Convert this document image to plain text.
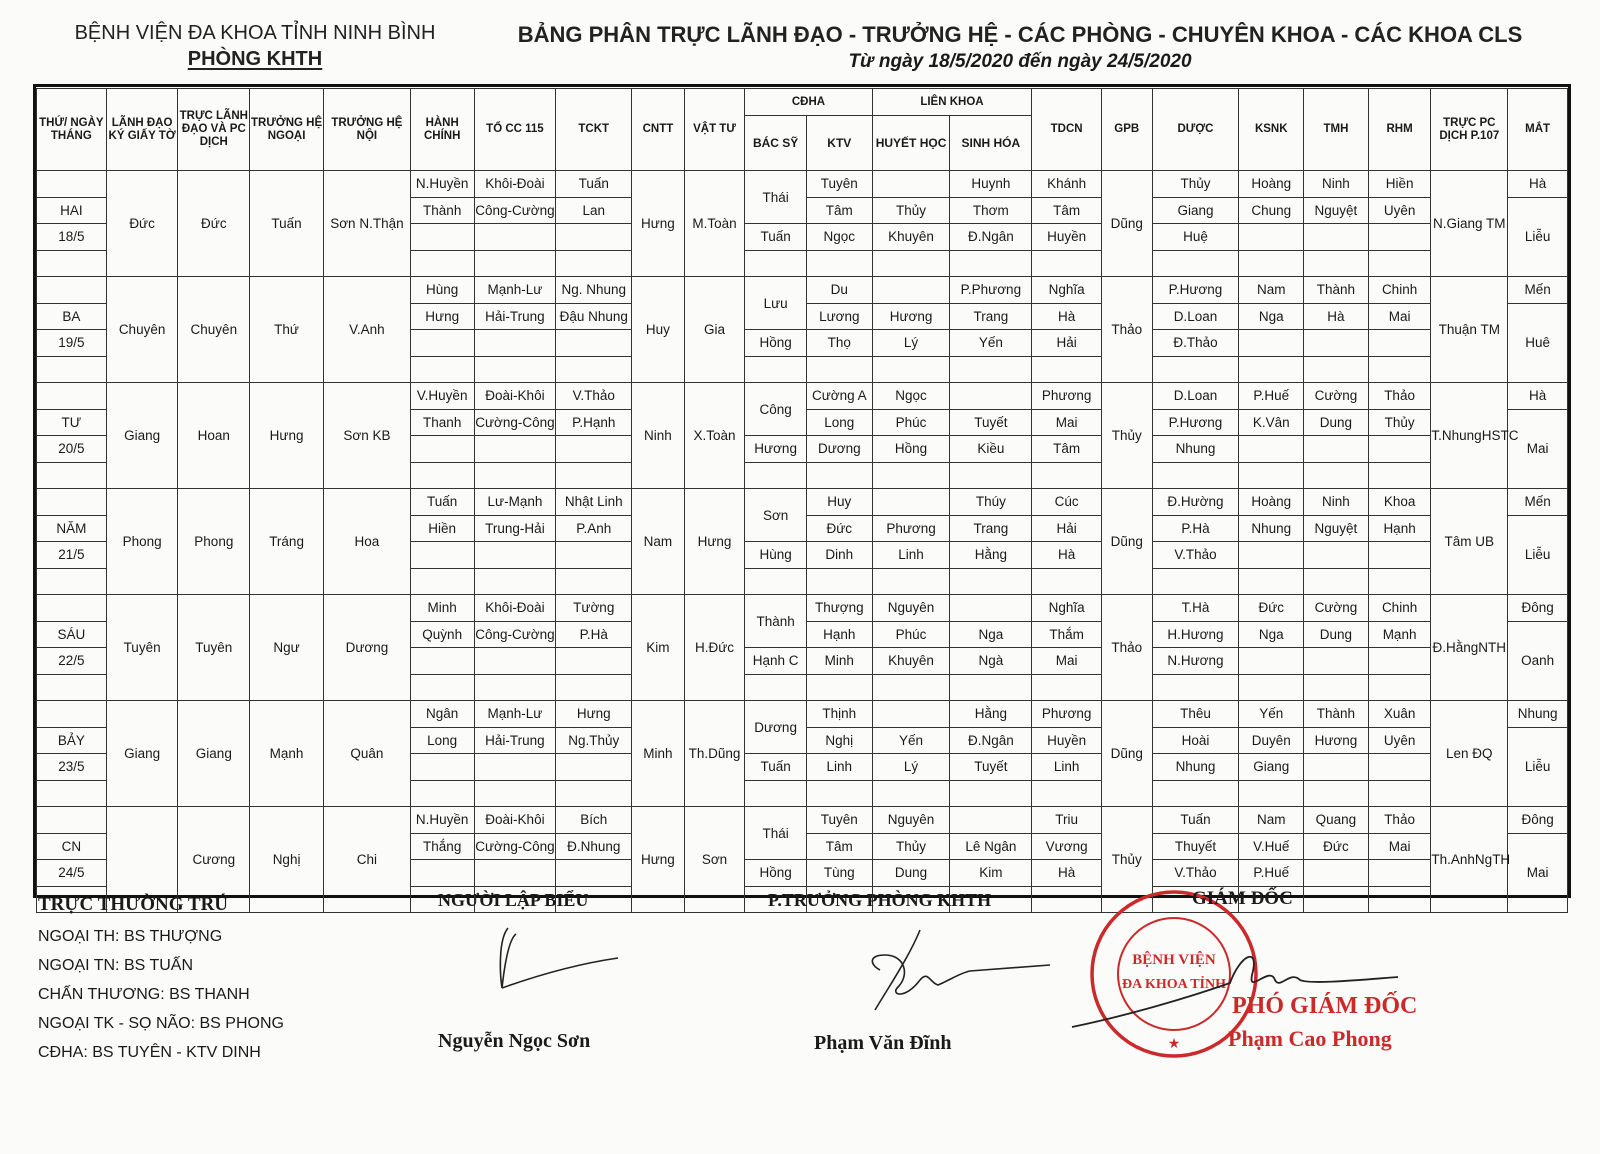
BỆNH VIỆN ĐA KHOA TỈNH NINH BÌNH
PHÒNG KHTH
BẢNG PHÂN TRỰC LÃNH ĐẠO - TRƯỞNG HỆ - CÁC PHÒNG - CHUYÊN KHOA - CÁC KHOA CLS
Từ ngày 18/5/2020 đến ngày 24/5/2020
THỨ/ NGÀY THÁNG	LÃNH ĐẠO KÝ GIẤY TỜ	TRỰC LÃNH ĐẠO VÀ PC DỊCH	TRƯỞNG HỆ NGOẠI	TRƯỞNG HỆ NỘI	HÀNH CHÍNH	TỔ CC 115	TCKT	CNTT	VẬT TƯ	CĐHA		LIÊN KHOA		TDCN	GPB	DƯỢC	KSNK	TMH	RHM	TRỰC PC DỊCH P.107	MẮT
										BÁC SỸ	KTV	HUYẾT HỌC	SINH HÓA								
	Đức	Đức	Tuấn	Sơn N.Thận	N.Huyền	Khôi-Đoài	Tuấn	Hưng	M.Toàn	Thái	Tuyên		Huynh	Khánh	Dũng	Thủy	Hoàng	Ninh	Hiền	N.Giang TM	Hà
HAI					Thành	Công-Cường	Lan				Tâm	Thủy	Thơm	Tâm		Giang	Chung	Nguyệt	Uyên		Liễu
18/5										Tuấn	Ngọc	Khuyên	Đ.Ngân	Huyền		Huệ					

	Chuyên	Chuyên	Thứ	V.Anh	Hùng	Mạnh-Lư	Ng. Nhung	Huy	Gia	Lưu	Du		P.Phương	Nghĩa	Thảo	P.Hương	Nam	Thành	Chinh	Thuận TM	Mến
BA					Hưng	Hải-Trung	Đậu Nhung				Lương	Hương	Trang	Hà		D.Loan	Nga	Hà	Mai		Huê
19/5										Hồng	Thọ	Lý	Yến	Hải		Đ.Thảo					

	Giang	Hoan	Hưng	Sơn KB	V.Huyền	Đoài-Khôi	V.Thảo	Ninh	X.Toàn	Công	Cường A	Ngọc		Phương	Thủy	D.Loan	P.Huế	Cường	Thảo	T.NhungHSTC	Hà
TƯ					Thanh	Cường-Công	P.Hạnh				Long	Phúc	Tuyết	Mai		P.Hương	K.Vân	Dung	Thủy		Mai
20/5										Hương	Dương	Hồng	Kiều	Tâm		Nhung					

	Phong	Phong	Tráng	Hoa	Tuấn	Lư-Mạnh	Nhật Linh	Nam	Hưng	Sơn	Huy		Thúy	Cúc	Dũng	Đ.Hường	Hoàng	Ninh	Khoa	Tâm UB	Mến
NĂM					Hiền	Trung-Hải	P.Anh				Đức	Phương	Trang	Hải		P.Hà	Nhung	Nguyệt	Hạnh		Liễu
21/5										Hùng	Dinh	Linh	Hằng	Hà		V.Thảo					

	Tuyên	Tuyên	Ngư	Dương	Minh	Khôi-Đoài	Tường	Kim	H.Đức	Thành	Thượng	Nguyên		Nghĩa	Thảo	T.Hà	Đức	Cường	Chinh	Đ.HằngNTH	Đông
SÁU					Quỳnh	Công-Cường	P.Hà				Hạnh	Phúc	Nga	Thắm		H.Hương	Nga	Dung	Mạnh		Oanh
22/5										Hạnh C	Minh	Khuyên	Ngà	Mai		N.Hương					

	Giang	Giang	Mạnh	Quân	Ngân	Mạnh-Lư	Hưng	Minh	Th.Dũng	Dương	Thịnh		Hằng	Phương	Dũng	Thêu	Yến	Thành	Xuân	Len ĐQ	Nhung
BẢY					Long	Hải-Trung	Ng.Thủy				Nghị	Yến	Đ.Ngân	Huyền		Hoài	Duyên	Hương	Uyên		Liễu
23/5										Tuấn	Linh	Lý	Tuyết	Linh		Nhung	Giang				

		Cương	Nghị	Chi	N.Huyền	Đoài-Khôi	Bích	Hưng	Sơn	Thái	Tuyên	Nguyên		Triu	Thủy	Tuấn	Nam	Quang	Thảo	Th.AnhNgTH	Đông
CN					Thắng	Cường-Công	Đ.Nhung				Tâm	Thủy	Lê Ngân	Vương		Thuyết	V.Huế	Đức	Mai		Mai
24/5										Hồng	Tùng	Dung	Kim	Hà		V.Thảo	P.Huế				

TRỰC THƯỜNG TRÚ
NGOẠI TH: BS THƯỢNG
NGOẠI TN: BS TUẤN
CHẤN THƯƠNG: BS THANH
NGOẠI TK - SỌ NÃO: BS PHONG
CĐHA: BS TUYÊN - KTV DINH
NGƯỜI LẬP BIỂU
Nguyễn Ngọc Sơn
P.TRƯỞNG PHÒNG KHTH
Phạm Văn Đĩnh
BỆNH VIỆN
ĐA KHOA TỈNH
★
GIÁM ĐỐC
PHÓ GIÁM ĐỐC
Phạm Cao Phong
